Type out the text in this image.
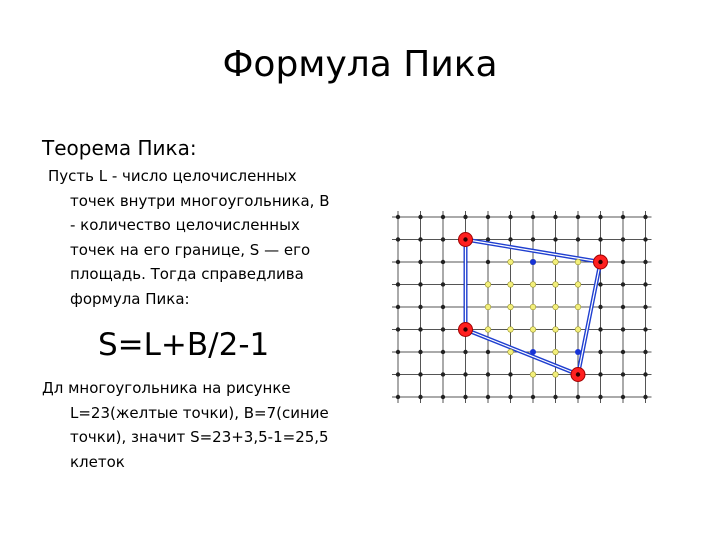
Формула Пика
Теорема Пика:
Пусть L - число целочисленных
точек внутри многоугольника, B
- количество целочисленных
точек на его границе, S — его
площадь. Тогда справедлива
формула Пика:
S=L+B/2-1
Дл многоугольника на рисунке
L=23(желтые точки), B=7(синие
точки), значит S=23+3,5-1=25,5
клеток
